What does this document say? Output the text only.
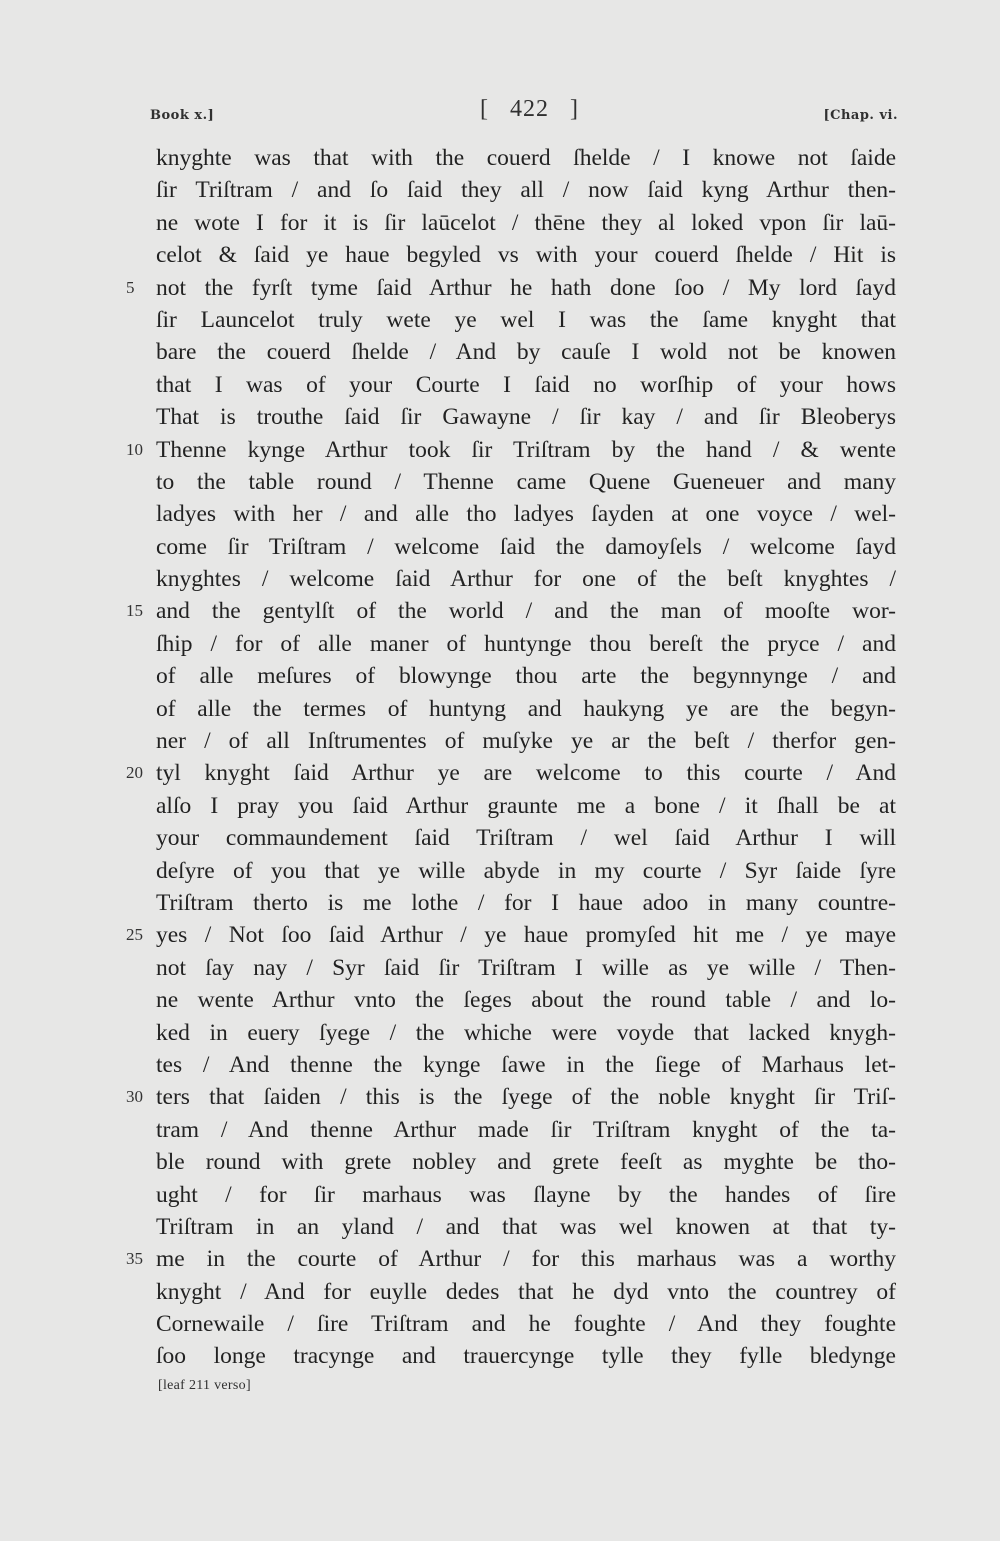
Book x.]	[   422   ]	[Chap. vi.
knyghte was that with the couerd ſhelde / I knowe not ſaide
ſir Triſtram / and ſo ſaid they all / now ſaid kyng Arthur then-
ne wote I for it is ſir laūcelot / thēne they al loked vpon ſir laū-
celot & ſaid ye haue begyled vs with your couerd ſhelde / Hit is
5 not the fyrſt tyme ſaid Arthur he hath done ſoo / My lord ſayd
ſir Launcelot truly wete ye wel I was the ſame knyght that
bare the couerd ſhelde / And by cauſe I wold not be knowen
that I was of your Courte I ſaid no worſhip of your hows
That is trouthe ſaid ſir Gawayne / ſir kay / and ſir Bleoberys
10 Thenne kynge Arthur took ſir Triſtram by the hand / & wente
to the table round / Thenne came Quene Gueneuer and many
ladyes with her / and alle tho ladyes ſayden at one voyce / wel-
come ſir Triſtram / welcome ſaid the damoyſels / welcome ſayd
knyghtes / welcome ſaid Arthur for one of the beſt knyghtes /
15 and the gentylſt of the world / and the man of mooſte wor-
ſhip / for of alle maner of huntynge thou bereſt the pryce / and
of alle meſures of blowynge thou arte the begynnynge / and
of alle the termes of huntyng and haukyng ye are the begyn-
ner / of all Inſtrumentes of muſyke ye ar the beſt / therfor gen-
20 tyl knyght ſaid Arthur ye are welcome to this courte / And
alſo I pray you ſaid Arthur graunte me a bone / it ſhall be at
your commaundement ſaid Triſtram / wel ſaid Arthur I will
deſyre of you that ye wille abyde in my courte / Syr ſaide ſyre
Triſtram therto is me lothe / for I haue adoo in many countre-
25 yes / Not ſoo ſaid Arthur / ye haue promyſed hit me / ye maye
not ſay nay / Syr ſaid ſir Triſtram I wille as ye wille / Then-
ne wente Arthur vnto the ſeges about the round table / and lo-
ked in euery ſyege / the whiche were voyde that lacked knygh-
tes / And thenne the kynge ſawe in the ſiege of Marhaus let-
30 ters that ſaiden / this is the ſyege of the noble knyght ſir Triſ-
tram / And thenne Arthur made ſir Triſtram knyght of the ta-
ble round with grete nobley and grete feeſt as myghte be tho-
ught / for ſir marhaus was ſlayne by the handes of ſire
Triſtram in an yland / and that was wel knowen at that ty-
35 me in the courte of Arthur / for this marhaus was a worthy
knyght / And for euylle dedes that he dyd vnto the countrey of
Cornewaile / ſire Triſtram and he foughte / And they foughte
ſoo longe tracynge and trauercynge tylle they fylle bledynge
[leaf 211 verso]
